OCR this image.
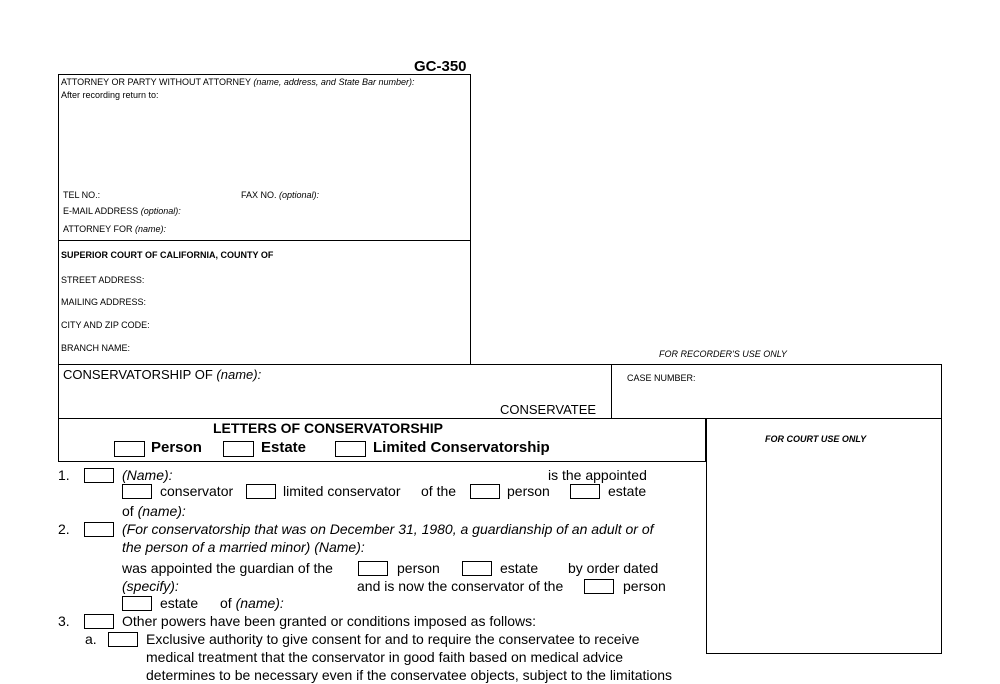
GC-350
ATTORNEY OR PARTY WITHOUT ATTORNEY (name, address, and State Bar number):
After recording return to:
TEL NO.:	FAX NO. (optional):
E-MAIL ADDRESS (optional):
ATTORNEY FOR (name):
SUPERIOR COURT OF CALIFORNIA, COUNTY OF
STREET ADDRESS:
MAILING ADDRESS:
CITY AND ZIP CODE:
BRANCH NAME:
FOR RECORDER'S USE ONLY
CONSERVATORSHIP OF (name):
CONSERVATEE
CASE NUMBER:
LETTERS OF CONSERVATORSHIP
Person	Estate	Limited Conservatorship	FOR COURT USE ONLY
1.	(Name):	is the appointed
conservator	limited conservator of the	person	estate
of (name):
2.	(For conservatorship that was on December 31, 1980, a guardianship of an adult or of
the person of a married minor) (Name):
was appointed the guardian of the	person	estate by order dated
(specify):	and is now the conservator of the	person
estate of (name):
3.	Other powers have been granted or conditions imposed as follows:
a.	Exclusive authority to give consent for and to require the conservatee to receive
medical treatment that the conservator in good faith based on medical advice
determines to be necessary even if the conservatee objects, subject to the limitations
